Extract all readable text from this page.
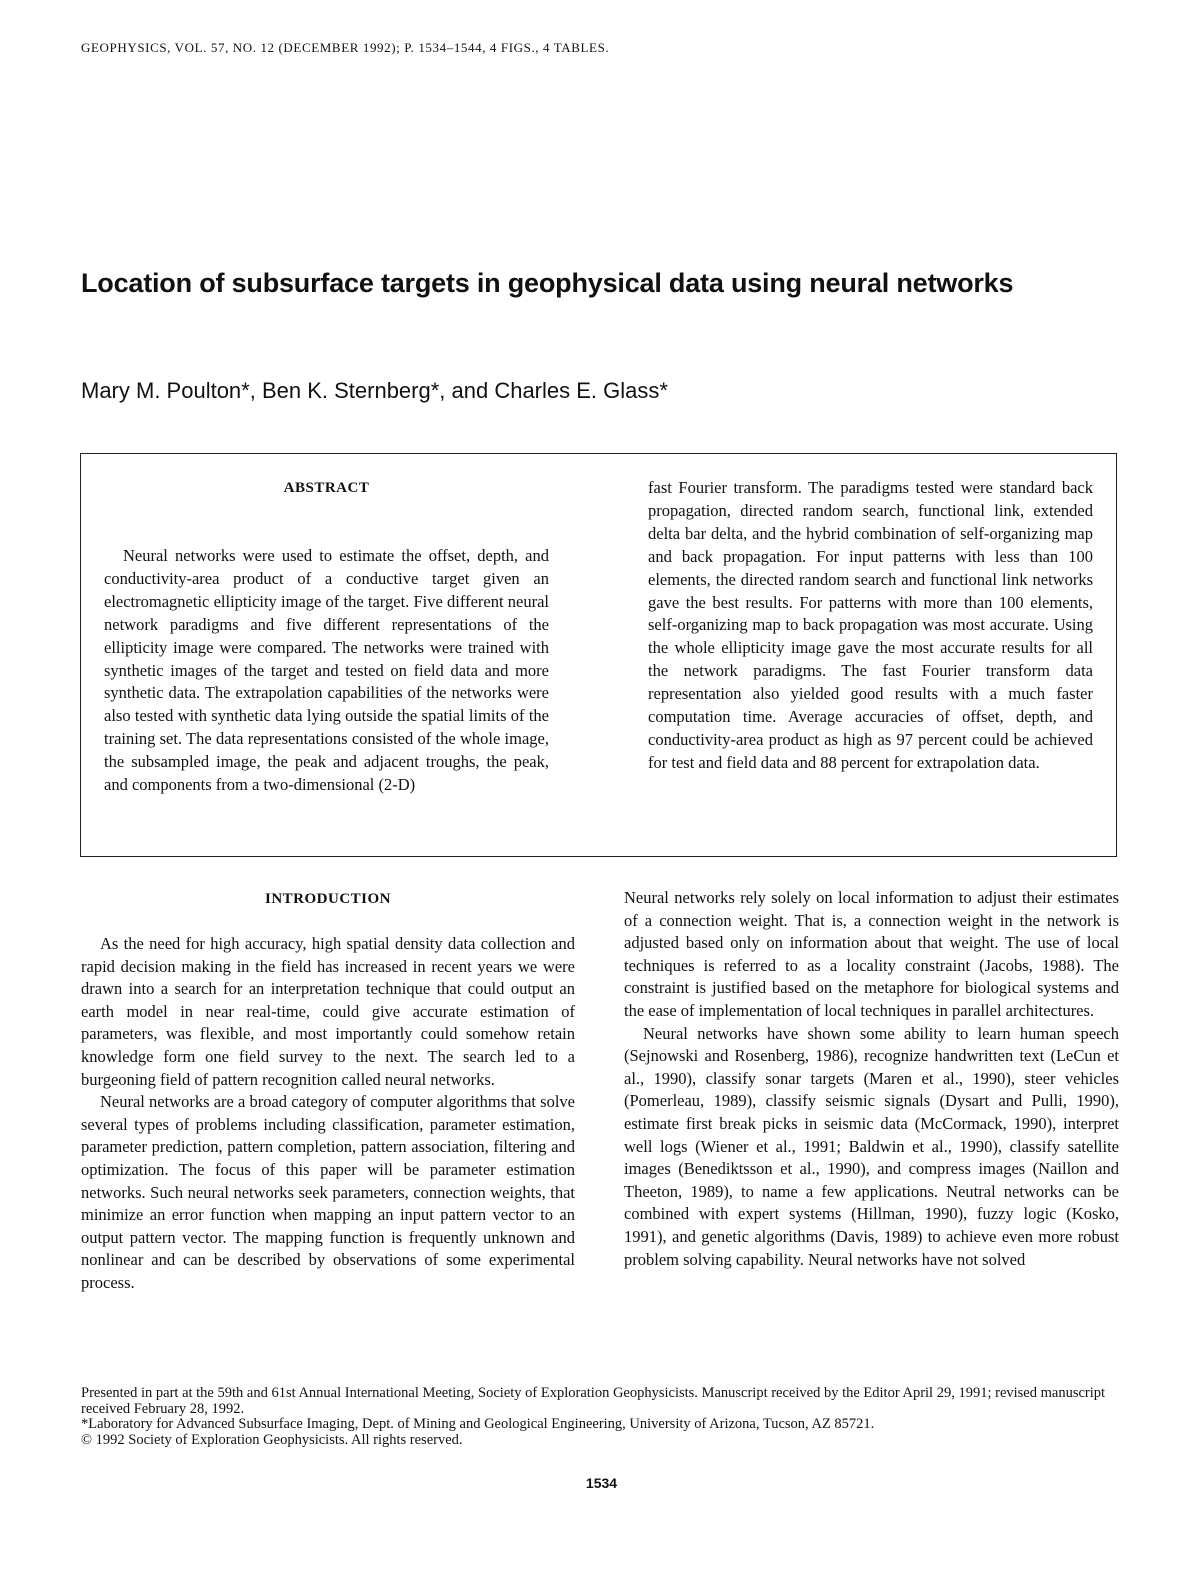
GEOPHYSICS, VOL. 57, NO. 12 (DECEMBER 1992); P. 1534–1544, 4 FIGS., 4 TABLES.
Location of subsurface targets in geophysical data using neural networks
Mary M. Poulton*, Ben K. Sternberg*, and Charles E. Glass*
ABSTRACT

Neural networks were used to estimate the offset, depth, and conductivity-area product of a conductive target given an electromagnetic ellipticity image of the target. Five different neural network paradigms and five different representations of the ellipticity image were compared. The networks were trained with synthetic images of the target and tested on field data and more synthetic data. The extrapolation capabilities of the networks were also tested with synthetic data lying outside the spatial limits of the training set. The data representations consisted of the whole image, the subsampled image, the peak and adjacent troughs, the peak, and components from a two-dimensional (2-D)

fast Fourier transform. The paradigms tested were standard back propagation, directed random search, functional link, extended delta bar delta, and the hybrid combination of self-organizing map and back propagation. For input patterns with less than 100 elements, the directed random search and functional link networks gave the best results. For patterns with more than 100 elements, self-organizing map to back propagation was most accurate. Using the whole ellipticity image gave the most accurate results for all the network paradigms. The fast Fourier transform data representation also yielded good results with a much faster computation time. Average accuracies of offset, depth, and conductivity-area product as high as 97 percent could be achieved for test and field data and 88 percent for extrapolation data.

INTRODUCTION

As the need for high accuracy, high spatial density data collection and rapid decision making in the field has increased in recent years we were drawn into a search for an interpretation technique that could output an earth model in near real-time, could give accurate estimation of parameters, was flexible, and most importantly could somehow retain knowledge form one field survey to the next. The search led to a burgeoning field of pattern recognition called neural networks.

Neural networks are a broad category of computer algorithms that solve several types of problems including classification, parameter estimation, parameter prediction, pattern completion, pattern association, filtering and optimization. The focus of this paper will be parameter estimation networks. Such neural networks seek parameters, connection weights, that minimize an error function when mapping an input pattern vector to an output pattern vector. The mapping function is frequently unknown and nonlinear and can be described by observations of some experimental process.

Neural networks rely solely on local information to adjust their estimates of a connection weight. That is, a connection weight in the network is adjusted based only on information about that weight. The use of local techniques is referred to as a locality constraint (Jacobs, 1988). The constraint is justified based on the metaphore for biological systems and the ease of implementation of local techniques in parallel architectures.

Neural networks have shown some ability to learn human speech (Sejnowski and Rosenberg, 1986), recognize handwritten text (LeCun et al., 1990), classify sonar targets (Maren et al., 1990), steer vehicles (Pomerleau, 1989), classify seismic signals (Dysart and Pulli, 1990), estimate first break picks in seismic data (McCormack, 1990), interpret well logs (Wiener et al., 1991; Baldwin et al., 1990), classify satellite images (Benediktsson et al., 1990), and compress images (Naillon and Theeton, 1989), to name a few applications. Neutral networks can be combined with expert systems (Hillman, 1990), fuzzy logic (Kosko, 1991), and genetic algorithms (Davis, 1989) to achieve even more robust problem solving capability. Neural networks have not solved

Presented in part at the 59th and 61st Annual International Meeting, Society of Exploration Geophysicists. Manuscript received by the Editor April 29, 1991; revised manuscript received February 28, 1992.

*Laboratory for Advanced Subsurface Imaging, Dept. of Mining and Geological Engineering, University of Arizona, Tucson, AZ 85721.

© 1992 Society of Exploration Geophysicists. All rights reserved.

1534
